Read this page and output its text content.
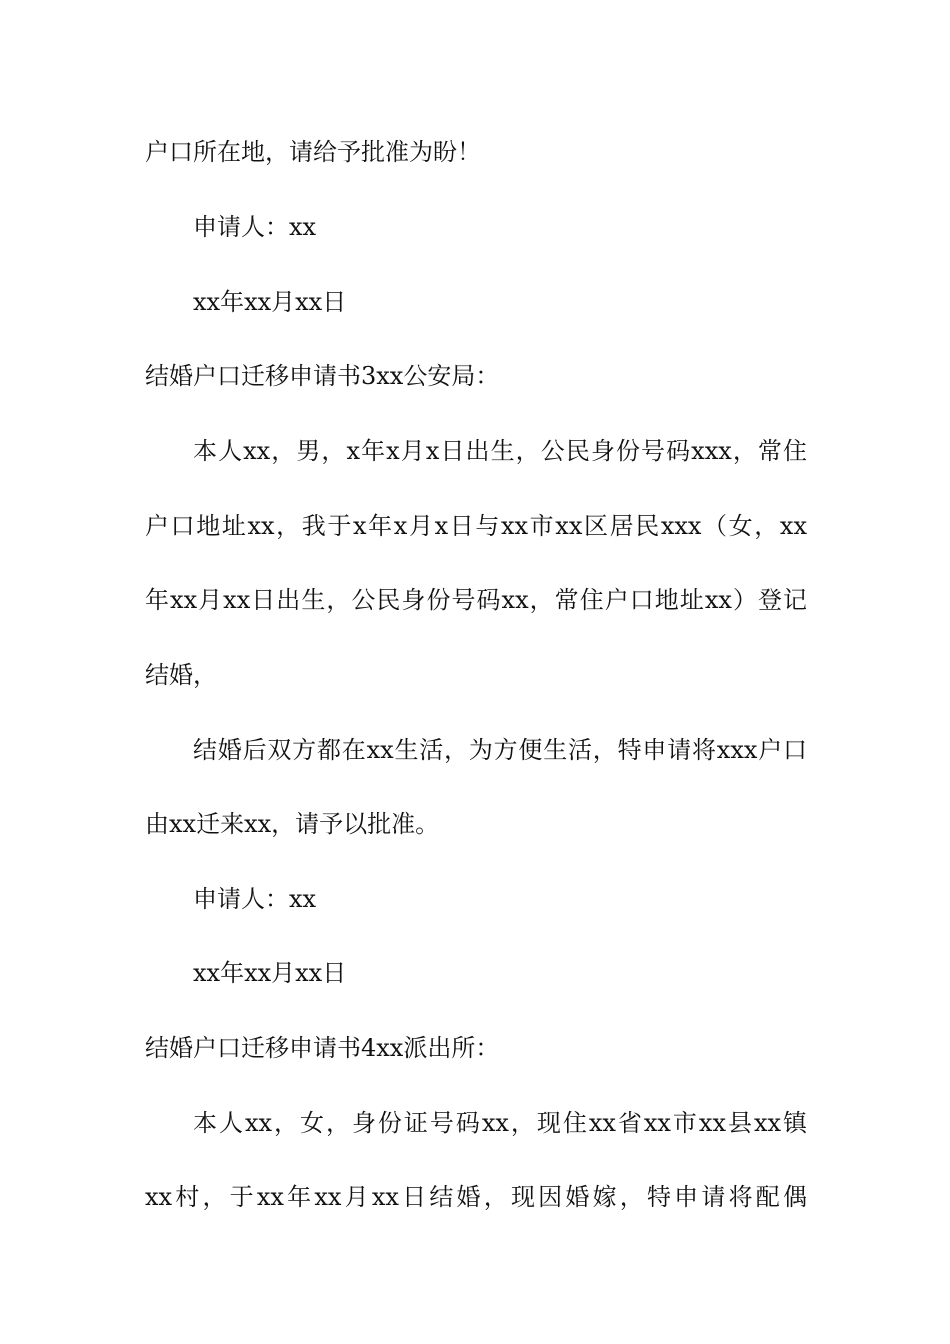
户口所在地，请给予批准为盼！
申请人：xx
xx年xx月xx日
结婚户口迁移申请书3xx公安局：
本人xx，男，x年x月x日出生，公民身份号码xxx，常住
户口地址xx，我于x年x月x日与xx市xx区居民xxx（女，xx
年xx月xx日出生，公民身份号码xx，常住户口地址xx）登记
结婚，
结婚后双方都在xx生活，为方便生活，特申请将xxx户口
由xx迁来xx，请予以批准。
申请人：xx
xx年xx月xx日
结婚户口迁移申请书4xx派出所：
本人xx，女，身份证号码xx，现住xx省xx市xx县xx镇
xx村，于xx年xx月xx日结婚，现因婚嫁，特申请将配偶
